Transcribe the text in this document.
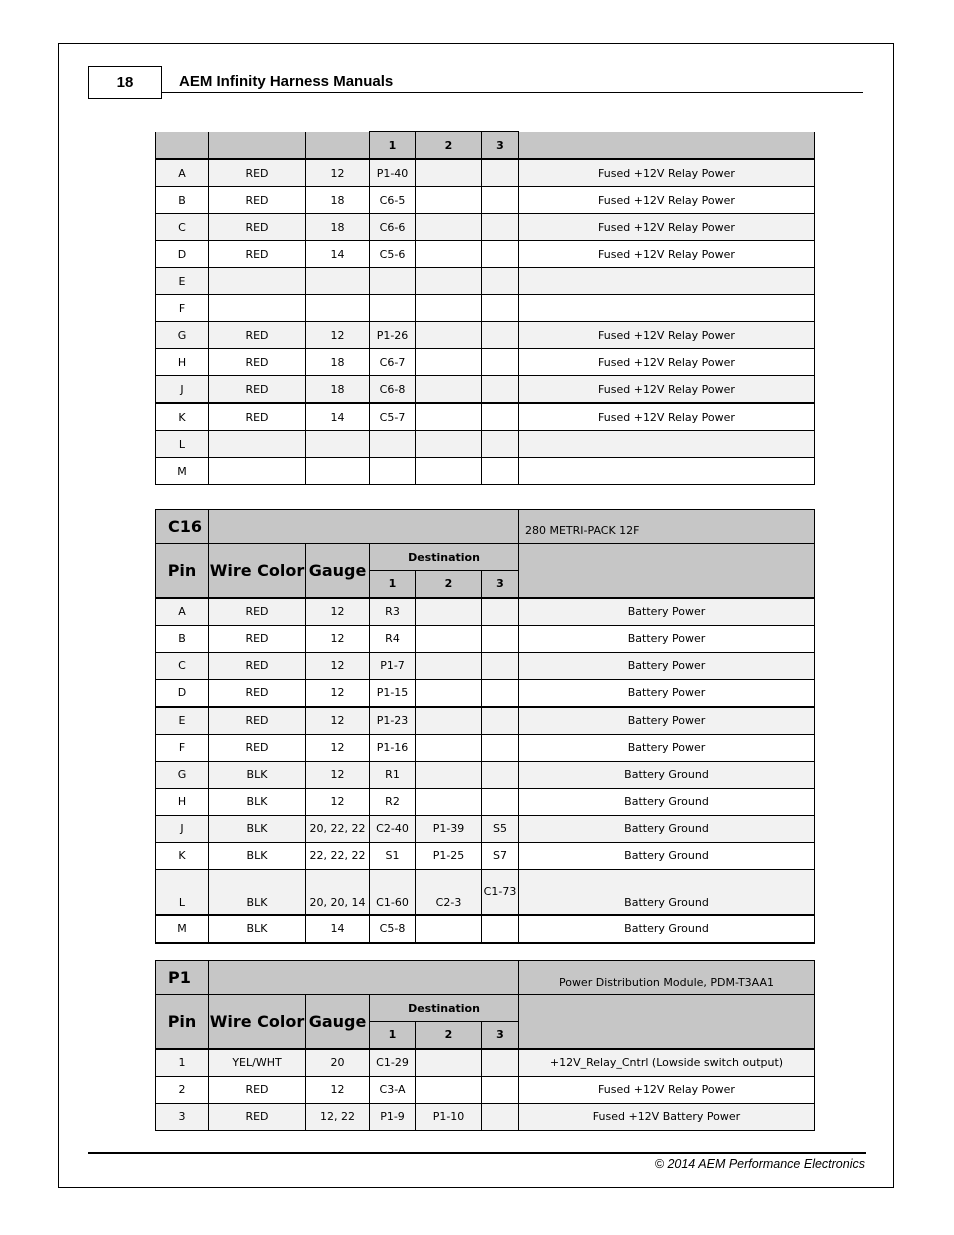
18	AEM Infinity Harness Manuals
			1	2	3	
A	RED	12	P1-40			Fused +12V Relay Power
B	RED	18	C6-5			Fused +12V Relay Power
C	RED	18	C6-6			Fused +12V Relay Power
D	RED	14	C5-6			Fused +12V Relay Power
E						
F						
G	RED	12	P1-26			Fused +12V Relay Power
H	RED	18	C6-7			Fused +12V Relay Power
J	RED	18	C6-8			Fused +12V Relay Power
K	RED	14	C5-7			Fused +12V Relay Power
L						
M						
C16						280 METRI-PACK 12F
Pin	Wire Color	Gauge	Destination			
			1	2	3	
A	RED	12	R3			Battery Power
B	RED	12	R4			Battery Power
C	RED	12	P1-7			Battery Power
D	RED	12	P1-15			Battery Power
E	RED	12	P1-23			Battery Power
F	RED	12	P1-16			Battery Power
G	BLK	12	R1			Battery Ground
H	BLK	12	R2			Battery Ground
J	BLK	20, 22, 22	C2-40	P1-39	S5	Battery Ground
K	BLK	22, 22, 22	S1	P1-25	S7	Battery Ground
L	BLK	20, 20, 14	C1-60	C2-3	C1-73	Battery Ground
M	BLK	14	C5-8			Battery Ground
P1						Power Distribution Module, PDM-T3AA1
Pin	Wire Color	Gauge	Destination			
			1	2	3	
1	YEL/WHT	20	C1-29			+12V_Relay_Cntrl (Lowside switch output)
2	RED	12	C3-A			Fused +12V Relay Power
3	RED	12, 22	P1-9	P1-10		Fused +12V Battery Power
© 2014 AEM Performance Electronics
